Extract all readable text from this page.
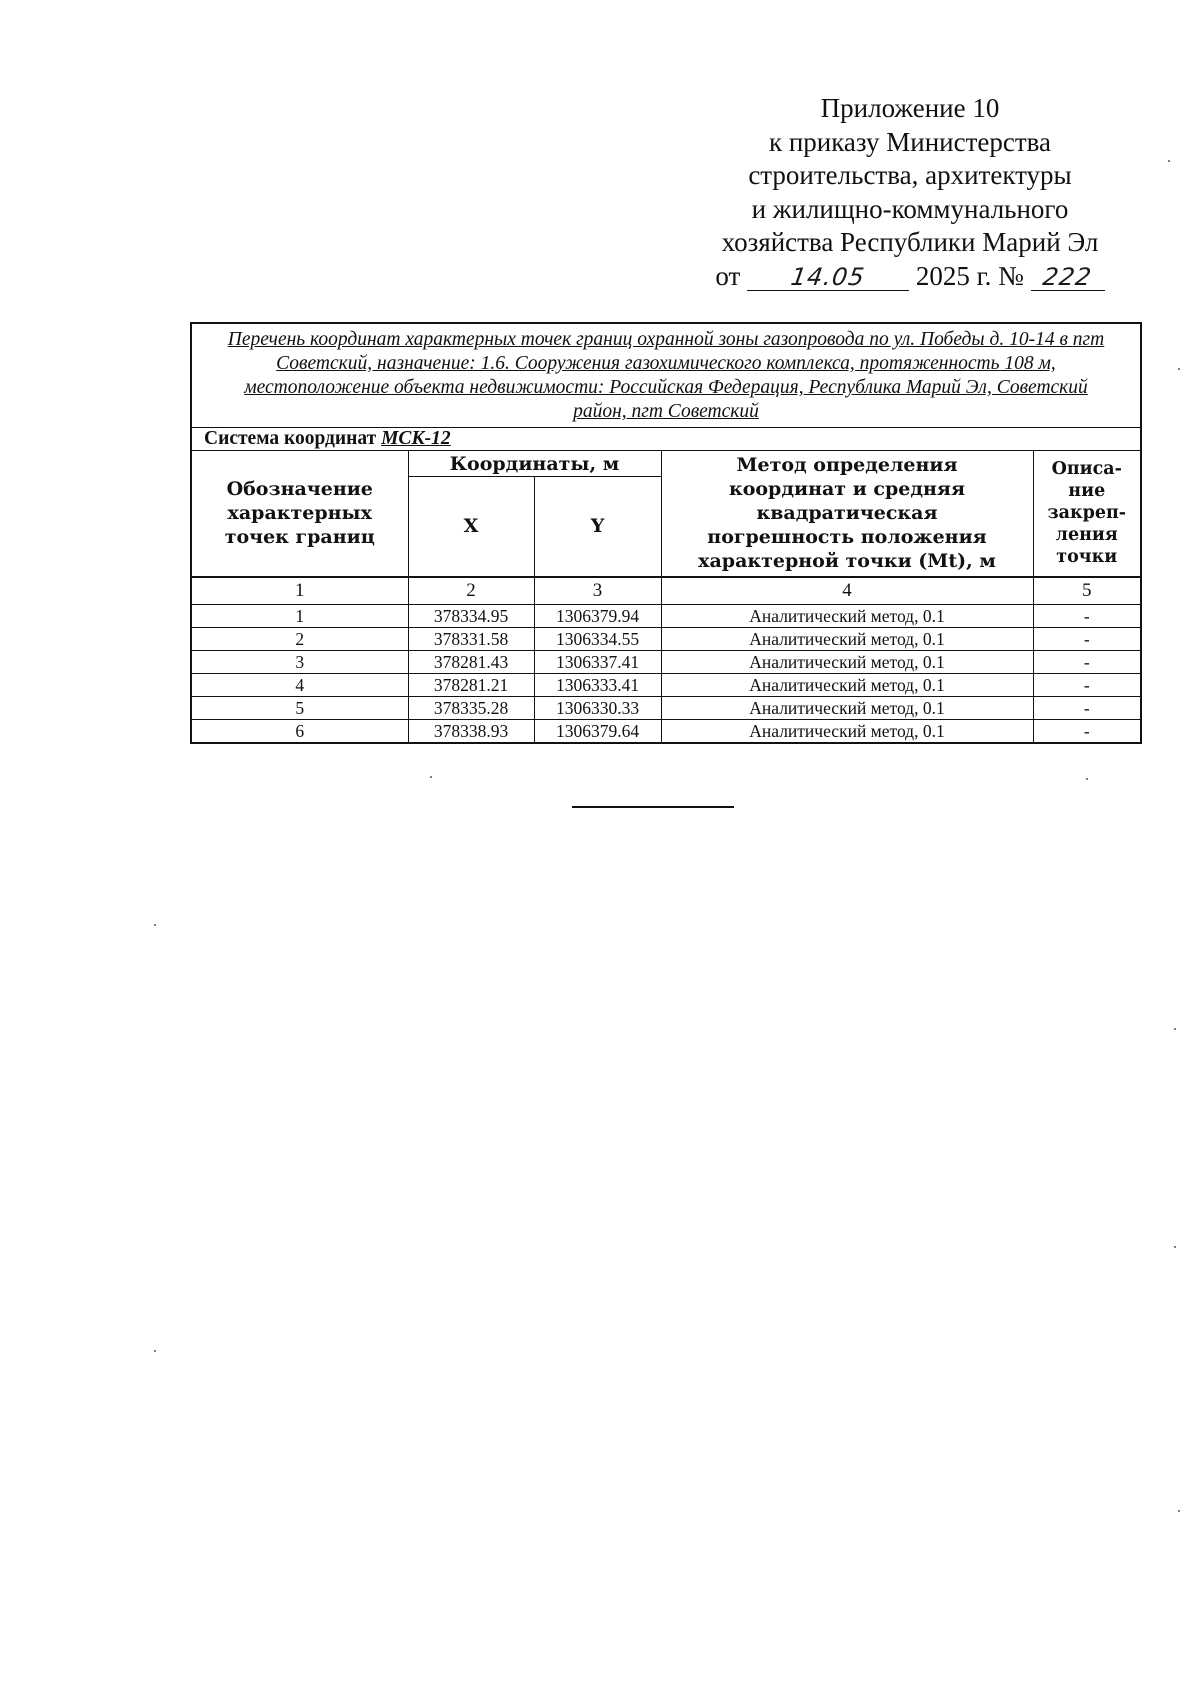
Приложение 10
к приказу Министерства
строительства, архитектуры
и жилищно-коммунального
хозяйства Республики Марий Эл
от 14.05 2025 г. № 222
Перечень координат характерных точек границ охранной зоны газопровода по ул. Победы д. 10-14 в пгт Советский, назначение: 1.6. Сооружения газохимического комплекса, протяженность 108 м, местоположение объекта недвижимости: Российская Федерация, Республика Марий Эл, Советский район, пгт Советский				
Система координат МСК-12				
Обозначение характерных точек границ	Координаты, м		Метод определения координат и средняя квадратическая погрешность положения характерной точки (Mt), м	Описа-ние закреп-ления точки
	X	Y		
1	2	3	4	5
1	378334.95	1306379.94	Аналитический метод, 0.1	-
2	378331.58	1306334.55	Аналитический метод, 0.1	-
3	378281.43	1306337.41	Аналитический метод, 0.1	-
4	378281.21	1306333.41	Аналитический метод, 0.1	-
5	378335.28	1306330.33	Аналитический метод, 0.1	-
6	378338.93	1306379.64	Аналитический метод, 0.1	-
